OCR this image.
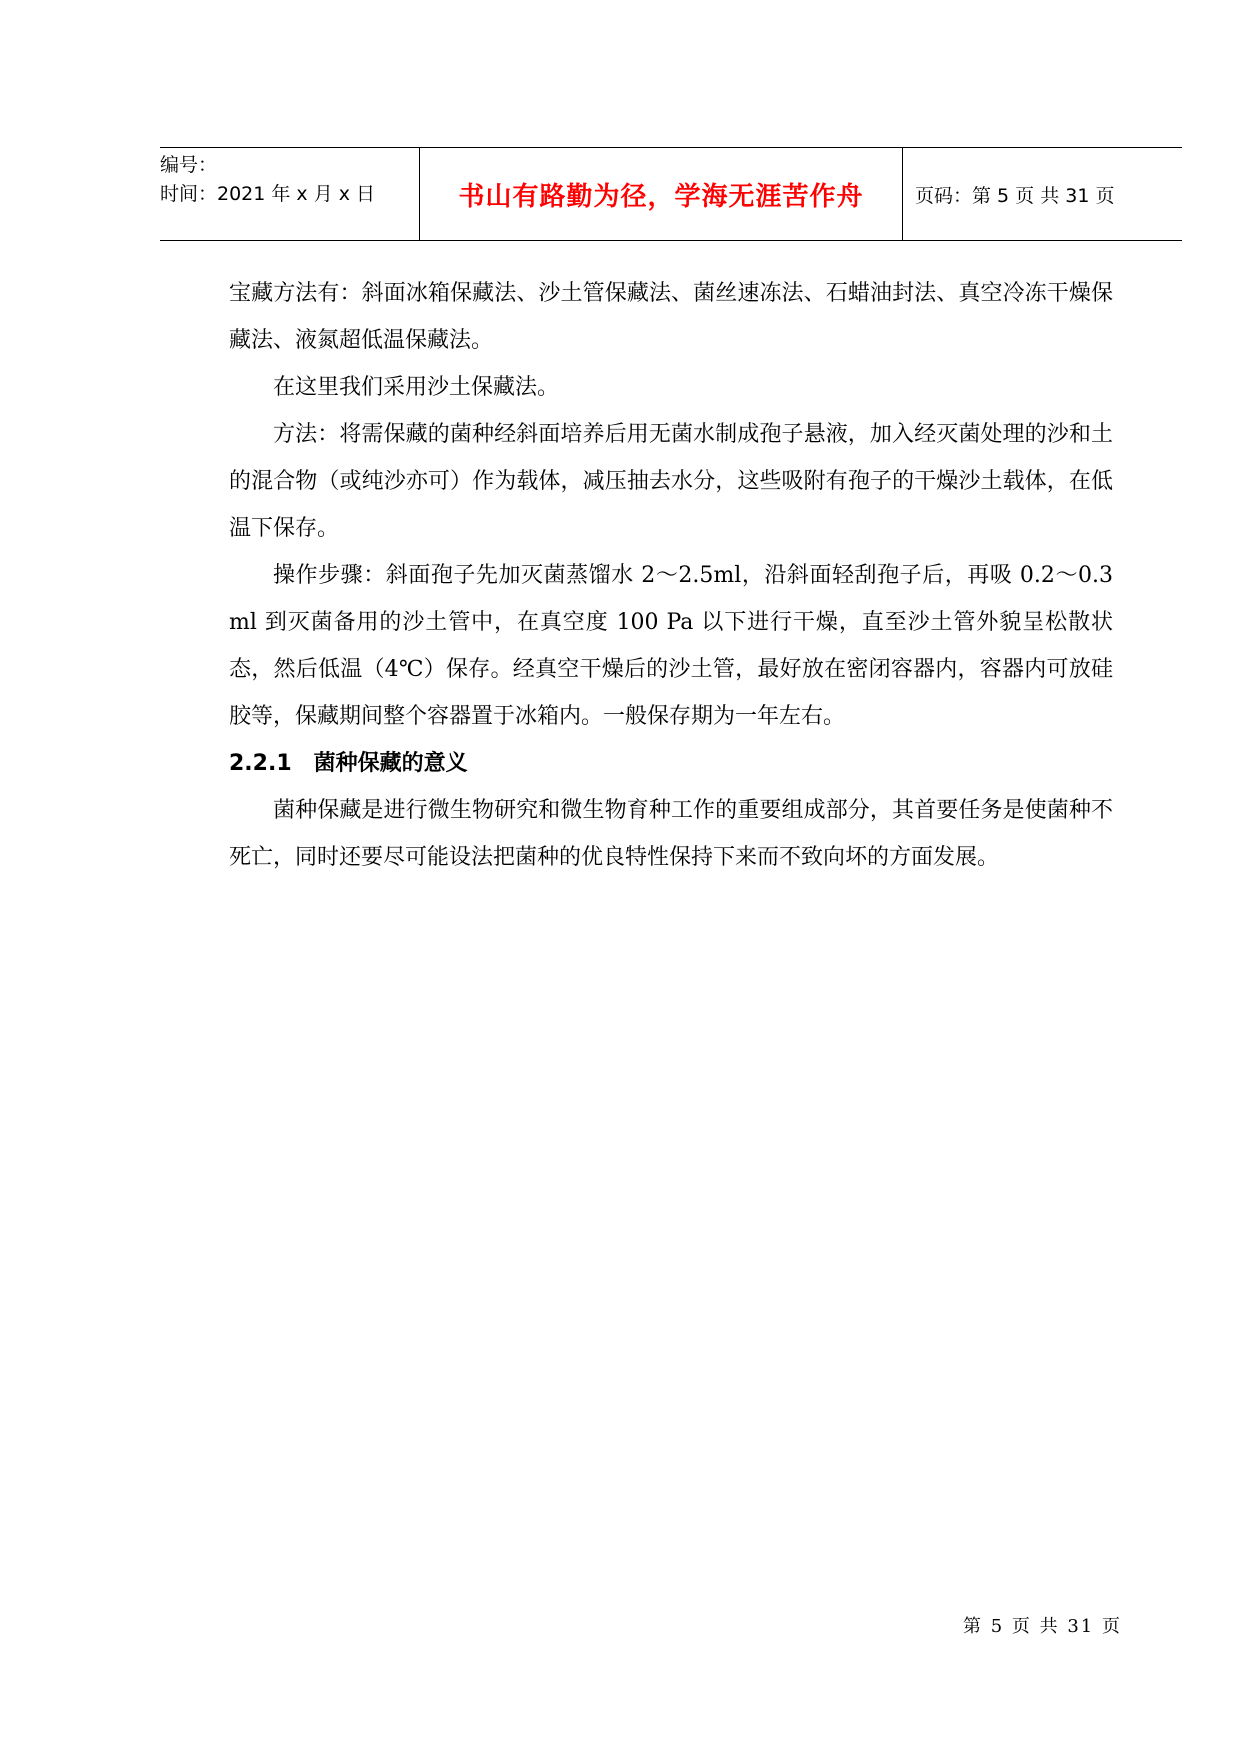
编号：
时间：2021 年 x 月 x 日	书山有路勤为径，学海无涯苦作舟	页码：第 5 页 共 31 页

宝藏方法有：斜面冰箱保藏法、沙土管保藏法、菌丝速冻法、石蜡油封法、真空冷冻干燥保藏法、液氮超低温保藏法。

在这里我们采用沙土保藏法。

方法：将需保藏的菌种经斜面培养后用无菌水制成孢子悬液，加入经灭菌处理的沙和土的混合物（或纯沙亦可）作为载体，减压抽去水分，这些吸附有孢子的干燥沙土载体，在低温下保存。

操作步骤：斜面孢子先加灭菌蒸馏水 2～2.5ml，沿斜面轻刮孢子后，再吸 0.2～0.3 ml 到灭菌备用的沙土管中，在真空度 100 Pa 以下进行干燥，直至沙土管外貌呈松散状态，然后低温（4℃）保存。经真空干燥后的沙土管，最好放在密闭容器内，容器内可放硅胶等，保藏期间整个容器置于冰箱内。一般保存期为一年左右。

2.2.1 菌种保藏的意义

菌种保藏是进行微生物研究和微生物育种工作的重要组成部分，其首要任务是使菌种不死亡，同时还要尽可能设法把菌种的优良特性保持下来而不致向坏的方面发展。

第 5 页 共 31 页
